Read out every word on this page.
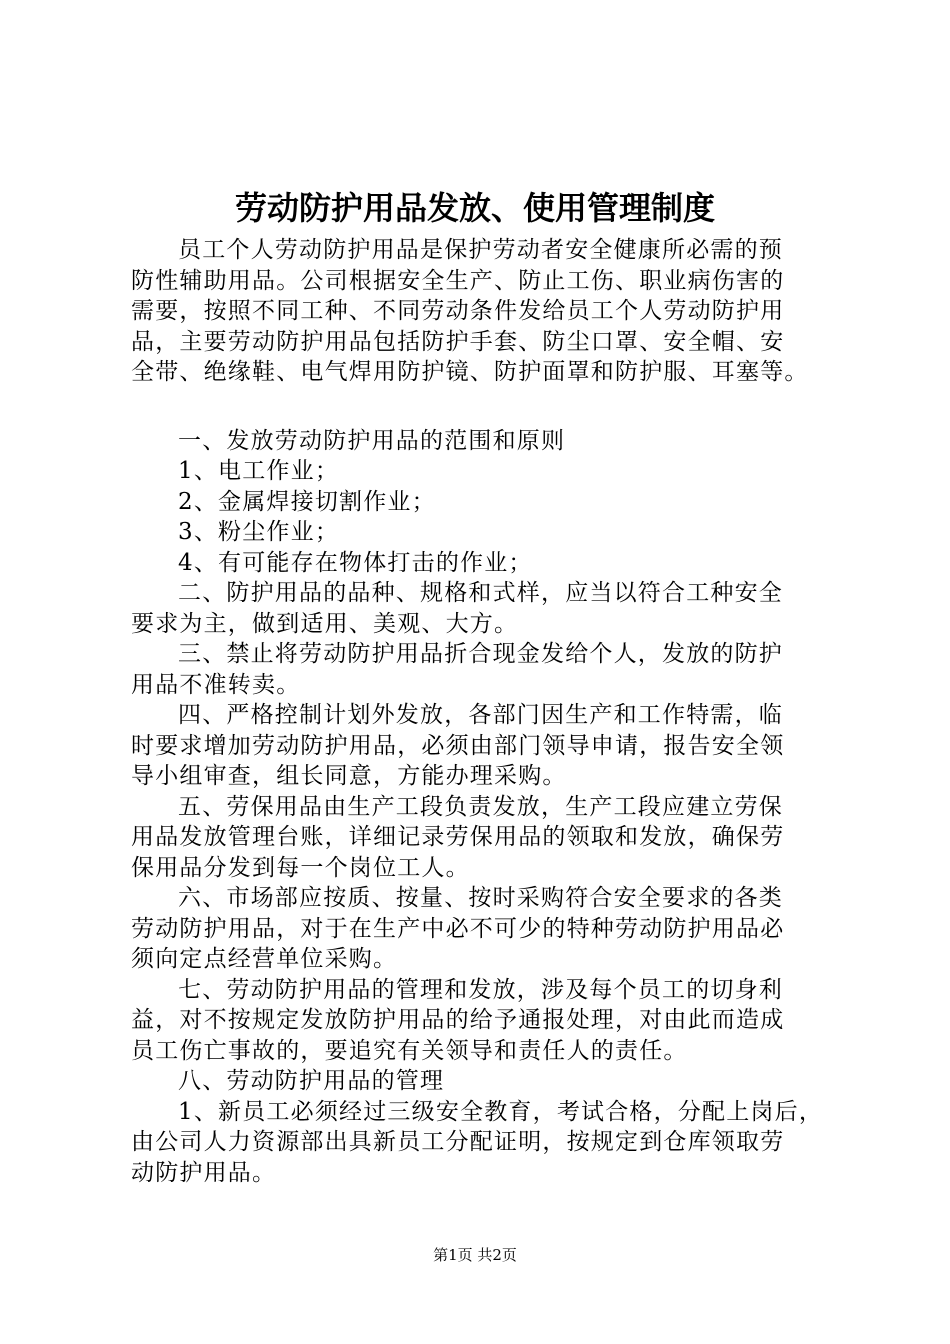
劳动防护用品发放、使用管理制度
员工个人劳动防护用品是保护劳动者安全健康所必需的预
防性辅助用品。公司根据安全生产、防止工伤、职业病伤害的
需要，按照不同工种、不同劳动条件发给员工个人劳动防护用
品，主要劳动防护用品包括防护手套、防尘口罩、安全帽、安
全带、绝缘鞋、电气焊用防护镜、防护面罩和防护服、耳塞等。
一、发放劳动防护用品的范围和原则
1、电工作业；
2、金属焊接切割作业；
3、粉尘作业；
4、有可能存在物体打击的作业；
二、防护用品的品种、规格和式样，应当以符合工种安全
要求为主，做到适用、美观、大方。
三、禁止将劳动防护用品折合现金发给个人，发放的防护
用品不准转卖。
四、严格控制计划外发放，各部门因生产和工作特需，临
时要求增加劳动防护用品，必须由部门领导申请，报告安全领
导小组审查，组长同意，方能办理采购。
五、劳保用品由生产工段负责发放，生产工段应建立劳保
用品发放管理台账，详细记录劳保用品的领取和发放，确保劳
保用品分发到每一个岗位工人。
六、市场部应按质、按量、按时采购符合安全要求的各类
劳动防护用品，对于在生产中必不可少的特种劳动防护用品必
须向定点经营单位采购。
七、劳动防护用品的管理和发放，涉及每个员工的切身利
益，对不按规定发放防护用品的给予通报处理，对由此而造成
员工伤亡事故的，要追究有关领导和责任人的责任。
八、劳动防护用品的管理
1、新员工必须经过三级安全教育，考试合格，分配上岗后，
由公司人力资源部出具新员工分配证明，按规定到仓库领取劳
动防护用品。
第1页 共2页
